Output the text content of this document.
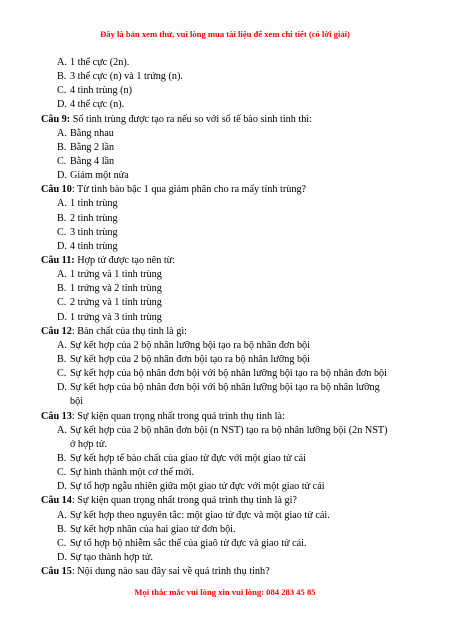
Đây là bản xem thử, vui lòng mua tài liệu để xem chi tiết (có lời giải)
A. 1 thể cực (2n).
B. 3 thể cực (n) và 1 trứng (n).
C. 4 tinh trùng (n)
D. 4 thể cực (n).
Câu 9: Số tinh trùng được tạo ra nếu so với số tế bào sinh tinh thì:
A. Bằng nhau
B. Bằng 2 lần
C. Bằng 4 lần
D. Giảm một nửa
Câu 10: Từ tinh bào bậc 1 qua giảm phân cho ra mấy tinh trùng?
A. 1 tinh trùng
B. 2 tinh trùng
C. 3 tinh trùng
D. 4 tinh trùng
Câu 11: Hợp tử được tạo nên từ:
A. 1 trứng và 1 tinh trùng
B. 1 trứng và 2 tinh trùng
C. 2 trứng và 1 tinh trùng
D. 1 trứng và 3 tinh trùng
Câu 12: Bản chất của thụ tinh là gì:
A. Sự kết hợp của 2 bộ nhân lưỡng bội tạo ra bộ nhân đơn bội
B. Sự kết hợp của 2 bộ nhân đơn bội tạo ra bộ nhân lưỡng bội
C. Sự kết hợp của bộ nhân đơn bội với bộ nhân lưỡng bội tạo ra bộ nhân đơn bội
D. Sự kết hợp của bộ nhân đơn bội với bộ nhân lưỡng bội tạo ra bộ nhân lưỡng
bội
Câu 13: Sự kiện quan trọng nhất trong quá trình thụ tinh là:
A. Sự kết hợp của 2 bộ nhân đơn bội (n NST) tạo ra bộ nhân lưỡng bội (2n NST)
ở hợp tử.
B. Sự kết hợp tế bào chất của giao tử đực với một giao tử cái
C. Sự hình thành một cơ thể mới.
D. Sự tổ hợp ngẫu nhiên giữa một giao tử đực với một giao tử cái
Câu 14: Sự kiện quan trọng nhất trong quá trình thụ tinh là gì?
A. Sự kết hợp theo nguyên tắc: một giao tử đực và một giao tử cái.
B. Sự kết hợp nhân của hai giao tử đơn bội.
C. Sự tổ hợp bộ nhiễm sắc thể của giaô tử đực và giao tử cái.
D. Sự tạo thành hợp tử.
Câu 15: Nội dung nào sau đây sai về quá trình thụ tinh?
Mọi thắc mắc vui lòng xin vui lòng: 084 283 45 85
